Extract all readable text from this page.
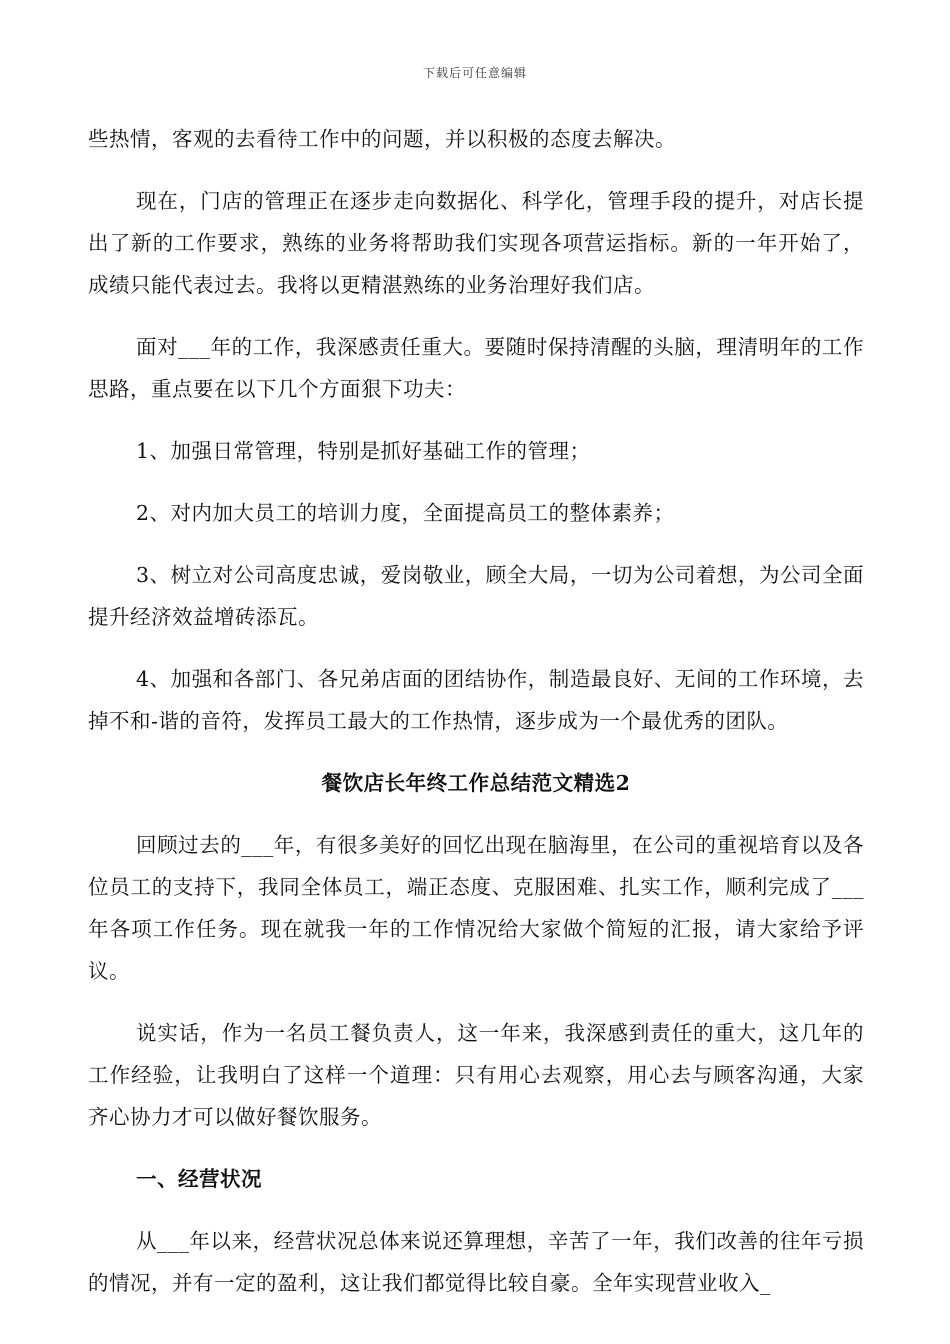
下载后可任意编辑

些热情，客观的去看待工作中的问题，并以积极的态度去解决。

现在，门店的管理正在逐步走向数据化、科学化，管理手段的提升，对店长提出了新的工作要求，熟练的业务将帮助我们实现各项营运指标。新的一年开始了，成绩只能代表过去。我将以更精湛熟练的业务治理好我们店。

面对___年的工作，我深感责任重大。要随时保持清醒的头脑，理清明年的工作思路，重点要在以下几个方面狠下功夫：

1、加强日常管理，特别是抓好基础工作的管理；

2、对内加大员工的培训力度，全面提高员工的整体素养；

3、树立对公司高度忠诚，爱岗敬业，顾全大局，一切为公司着想，为公司全面提升经济效益增砖添瓦。

4、加强和各部门、各兄弟店面的团结协作，制造最良好、无间的工作环境，去掉不和-谐的音符，发挥员工最大的工作热情，逐步成为一个最优秀的团队。

餐饮店长年终工作总结范文精选2

回顾过去的___年，有很多美好的回忆出现在脑海里，在公司的重视培育以及各位员工的支持下，我同全体员工，端正态度、克服困难、扎实工作，顺利完成了___年各项工作任务。现在就我一年的工作情况给大家做个简短的汇报，请大家给予评议。

说实话，作为一名员工餐负责人，这一年来，我深感到责任的重大，这几年的工作经验，让我明白了这样一个道理：只有用心去观察，用心去与顾客沟通，大家齐心协力才可以做好餐饮服务。

一、经营状况

从___年以来，经营状况总体来说还算理想，辛苦了一年，我们改善的往年亏损的情况，并有一定的盈利，这让我们都觉得比较自豪。全年实现营业收入_
